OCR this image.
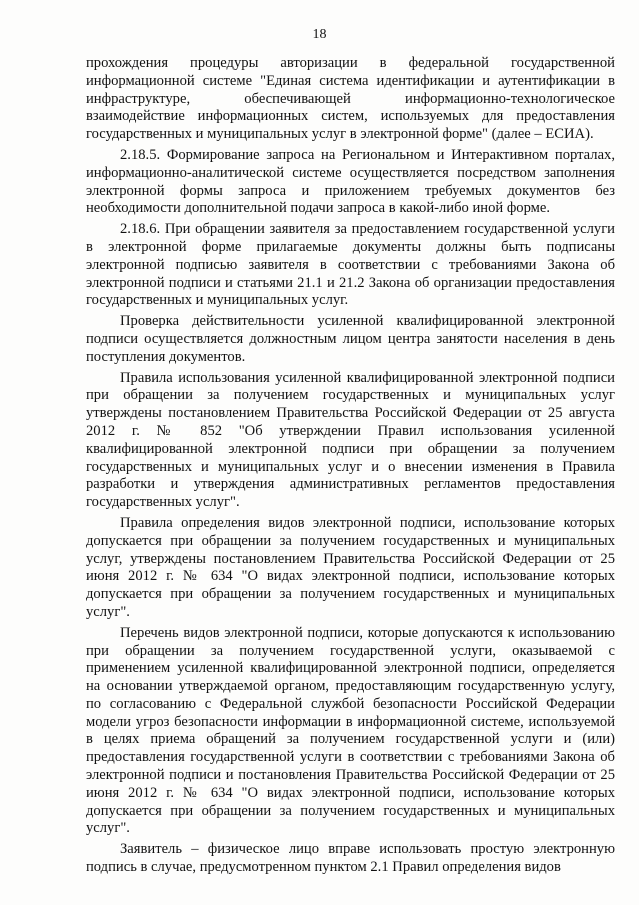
18

прохождения процедуры авторизации в федеральной государственной информационной системе "Единая система идентификации и аутентификации в инфраструктуре, обеспечивающей информационно-технологическое взаимодействие информационных систем, используемых для предоставления государственных и муниципальных услуг в электронной форме" (далее – ЕСИА).

2.18.5. Формирование запроса на Региональном и Интерактивном порталах, информационно-аналитической системе осуществляется посредством заполнения электронной формы запроса и приложением требуемых документов без необходимости дополнительной подачи запроса в какой-либо иной форме.

2.18.6. При обращении заявителя за предоставлением государственной услуги в электронной форме прилагаемые документы должны быть подписаны электронной подписью заявителя в соответствии с требованиями Закона об электронной подписи и статьями 21.1 и 21.2 Закона об организации предоставления государственных и муниципальных услуг.

Проверка действительности усиленной квалифицированной электронной подписи осуществляется должностным лицом центра занятости населения в день поступления документов.

Правила использования усиленной квалифицированной электронной подписи при обращении за получением государственных и муниципальных услуг утверждены постановлением Правительства Российской Федерации от 25 августа 2012 г. № 852 "Об утверждении Правил использования усиленной квалифицированной электронной подписи при обращении за получением государственных и муниципальных услуг и о внесении изменения в Правила разработки и утверждения административных регламентов предоставления государственных услуг".

Правила определения видов электронной подписи, использование которых допускается при обращении за получением государственных и муниципальных услуг, утверждены постановлением Правительства Российской Федерации от 25 июня 2012 г. № 634 "О видах электронной подписи, использование которых допускается при обращении за получением государственных и муниципальных услуг".

Перечень видов электронной подписи, которые допускаются к использованию при обращении за получением государственной услуги, оказываемой с применением усиленной квалифицированной электронной подписи, определяется на основании утверждаемой органом, предоставляющим государственную услугу, по согласованию с Федеральной службой безопасности Российской Федерации модели угроз безопасности информации в информационной системе, используемой в целях приема обращений за получением государственной услуги и (или) предоставления государственной услуги в соответствии с требованиями Закона об электронной подписи и постановления Правительства Российской Федерации от 25 июня 2012 г. № 634 "О видах электронной подписи, использование которых допускается при обращении за получением государственных и муниципальных услуг".

Заявитель – физическое лицо вправе использовать простую электронную подпись в случае, предусмотренном пунктом 2.1 Правил определения видов
